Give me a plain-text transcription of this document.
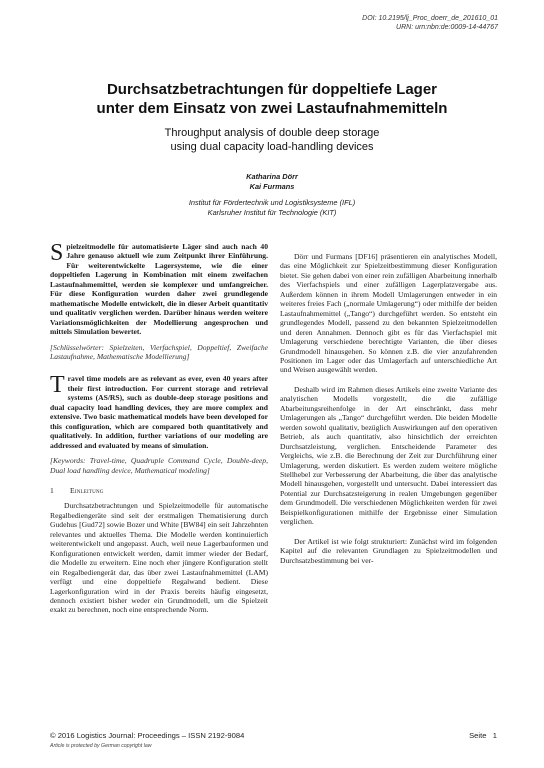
DOI: 10.2195/lj_Proc_doerr_de_201610_01
URN: urn:nbn:de:0009-14-44767
Durchsatzbetrachtungen für doppeltiefe Lager
unter dem Einsatz von zwei Lastaufnahmemitteln
Throughput analysis of double deep storage
using dual capacity load-handling devices
Katharina Dörr
Kai Furmans
Institut für Fördertechnik und Logistiksysteme (IFL)
Karlsruher Institut für Technologie (KIT)

Spielzeitmodelle für automatisierte Läger sind auch nach 40 Jahre genauso aktuell wie zum Zeitpunkt ihrer Einführung. Für weiterentwickelte Lagersysteme, wie die einer doppeltiefen Lagerung in Kombination mit einem zweifachen Lastaufnahmemittel, werden sie komplexer und umfangreicher. Für diese Konfiguration wurden daher zwei grundlegende mathematische Modelle entwickelt, die in dieser Arbeit quantitativ und qualitativ verglichen werden. Darüber hinaus werden weitere Variationsmöglichkeiten der Modellierung angesprochen und mittels Simulation bewertet.

[Schlüsselwörter: Spielzeiten, Vierfachspiel, Doppeltief, Zweifache Lastaufnahme, Mathematische Modellierung]

Travel time models are as relevant as ever, even 40 years after their first introduction. For current storage and retrieval systems (AS/RS), such as double-deep storage positions and dual capacity load handling devices, they are more complex and extensive. Two basic mathematical models have been developed for this configuration, which are compared both quantitatively and qualitatively. In addition, further variations of our modeling are addressed and evaluated by means of simulation.

[Keywords: Travel-time, Quadruple Command Cycle, Double-deep, Dual load handling device, Mathematical modeling]

1 Einleitung

Durchsatzbetrachtungen und Spielzeitmodelle für automatische Regalbediengeräte sind seit der erstmaligen Thematisierung durch Gudehus [Gud72] sowie Bozer und White [BW84] ein seit Jahrzehnten relevantes und aktuelles Thema. Die Modelle werden kontinuierlich weiterentwickelt und angepasst. Auch, weil neue Lagerbauformen und Konfigurationen entwickelt werden, damit immer wieder der Bedarf, die Modelle zu erweitern. Eine noch eher jüngere Konfiguration stellt ein Regalbediengerät dar, das über zwei Lastaufnahmemittel (LAM) verfügt und eine doppeltiefe Regalwand bedient. Diese Lagerkonfiguration wird in der Praxis bereits häufig eingesetzt, dennoch existiert bisher weder ein Grundmodell, um die Spielzeit exakt zu berechnen, noch eine entsprechende Norm.

Dörr und Furmans [DF16] präsentieren ein analytisches Modell, das eine Möglichkeit zur Spielzeitbestimmung dieser Konfiguration bietet. Sie gehen dabei von einer rein zufälligen Abarbeitung innerhalb des Vierfachspiels und einer zufälligen Lagerplatzvergabe aus. Außerdem können in ihrem Modell Umlagerungen entweder in ein weiteres freies Fach („normale Umlagerung“) oder mithilfe der beiden Lastaufnahmemittel („Tango“) durchgeführt werden. So entsteht ein grundlegendes Modell, passend zu den bekannten Spielzeitmodellen und deren Annahmen. Dennoch gibt es für das Vierfachspiel mit Umlagerung verschiedene berechtigte Varianten, die über dieses Grundmodell hinausgehen. So können z.B. die vier anzufahrenden Positionen im Lager oder das Umlagerfach auf unterschiedliche Art und Weisen ausgewählt werden.

Deshalb wird im Rahmen dieses Artikels eine zweite Variante des analytischen Modells vorgestellt, die die zufällige Abarbeitungsreihenfolge in der Art einschränkt, dass mehr Umlagerungen als „Tango“ durchgeführt werden. Die beiden Modelle werden sowohl qualitativ, bezüglich Auswirkungen auf den operativen Betrieb, als auch quantitativ, also hinsichtlich der erreichten Durchsatzleistung, verglichen. Entscheidende Parameter des Vergleichs, wie z.B. die Berechnung der Zeit zur Durchführung einer Umlagerung, werden diskutiert. Es werden zudem weitere mögliche Stellhebel zur Verbesserung der Abarbeitung, die über das analytische Modell hinausgehen, vorgestellt und untersucht. Dabei interessiert das Potential zur Durchsatzsteigerung in realen Umgebungen gegenüber dem Grundmodell. Die verschiedenen Möglichkeiten werden für zwei Beispielkonfigurationen mithilfe der Ergebnisse einer Simulation verglichen.

Der Artikel ist wie folgt strukturiert: Zunächst wird im folgenden Kapitel auf die relevanten Grundlagen zu Spielzeitmodellen und Durchsatzbestimmung bei ver-

© 2016 Logistics Journal: Proceedings – ISSN 2192-9084	Seite 1
Article is protected by German copyright law
